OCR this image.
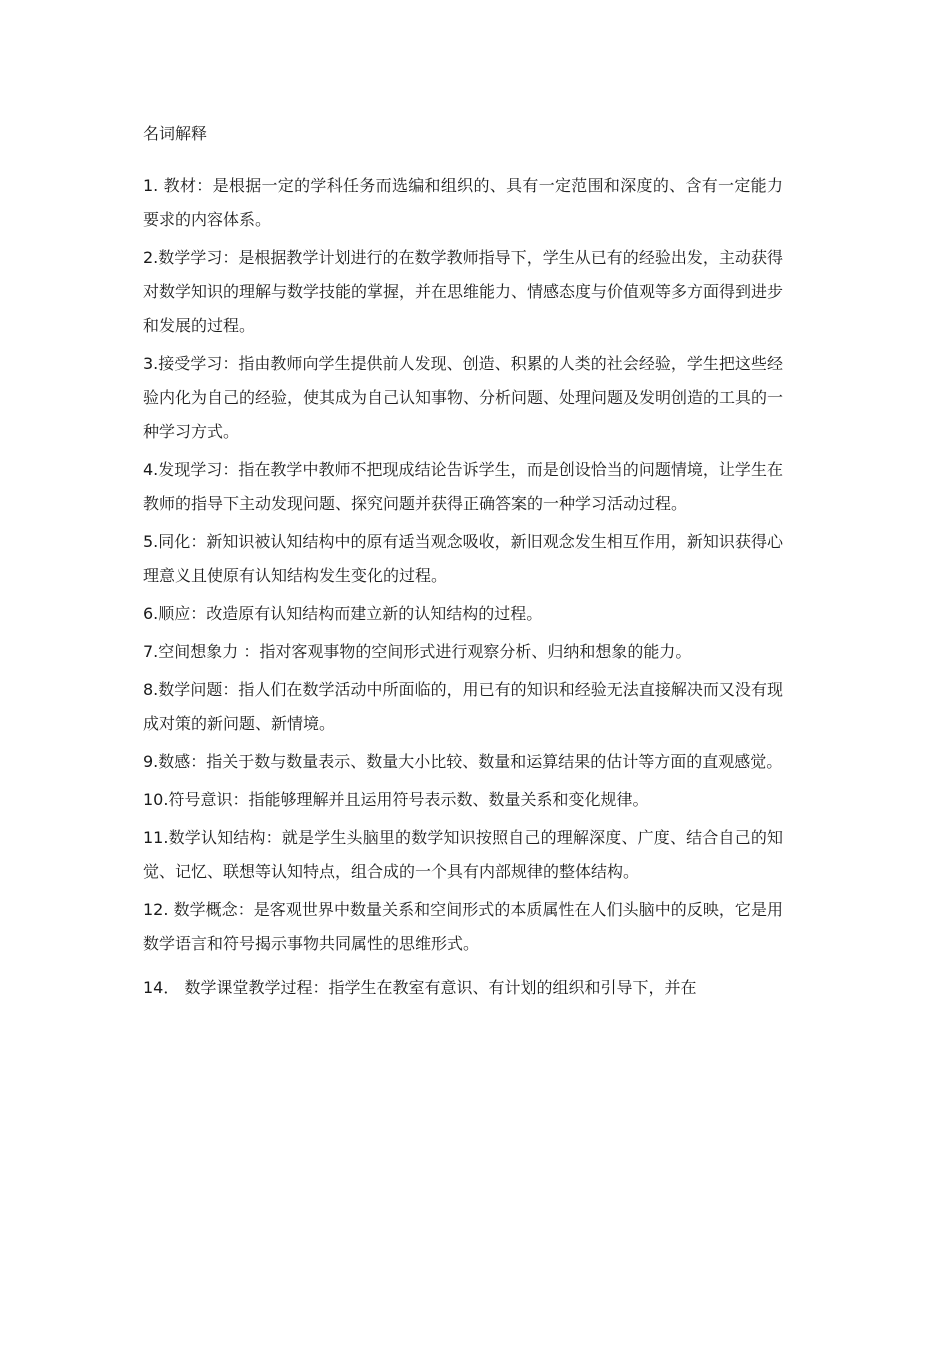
名词解释
1. 教材：是根据一定的学科任务而选编和组织的、具有一定范围和深度的、含有一定能力要求的内容体系。
2.数学学习：是根据教学计划进行的在数学教师指导下，学生从已有的经验出发，主动获得对数学知识的理解与数学技能的掌握，并在思维能力、情感态度与价值观等多方面得到进步和发展的过程。
3.接受学习：指由教师向学生提供前人发现、创造、积累的人类的社会经验，学生把这些经验内化为自己的经验，使其成为自己认知事物、分析问题、处理问题及发明创造的工具的一种学习方式。
4.发现学习：指在教学中教师不把现成结论告诉学生，而是创设恰当的问题情境，让学生在教师的指导下主动发现问题、探究问题并获得正确答案的一种学习活动过程。
5.同化：新知识被认知结构中的原有适当观念吸收，新旧观念发生相互作用，新知识获得心理意义且使原有认知结构发生变化的过程。
6.顺应：改造原有认知结构而建立新的认知结构的过程。
7.空间想象力 ：指对客观事物的空间形式进行观察分析、归纳和想象的能力。
8.数学问题：指人们在数学活动中所面临的，用已有的知识和经验无法直接解决而又没有现成对策的新问题、新情境。
9.数感：指关于数与数量表示、数量大小比较、数量和运算结果的估计等方面的直观感觉。
10.符号意识：指能够理解并且运用符号表示数、数量关系和变化规律。
11.数学认知结构：就是学生头脑里的数学知识按照自己的理解深度、广度、结合自己的知觉、记忆、联想等认知特点，组合成的一个具有内部规律的整体结构。
12. 数学概念：是客观世界中数量关系和空间形式的本质属性在人们头脑中的反映，它是用数学语言和符号揭示事物共同属性的思维形式。
14． 数学课堂教学过程：指学生在教室有意识、有计划的组织和引导下，并在
